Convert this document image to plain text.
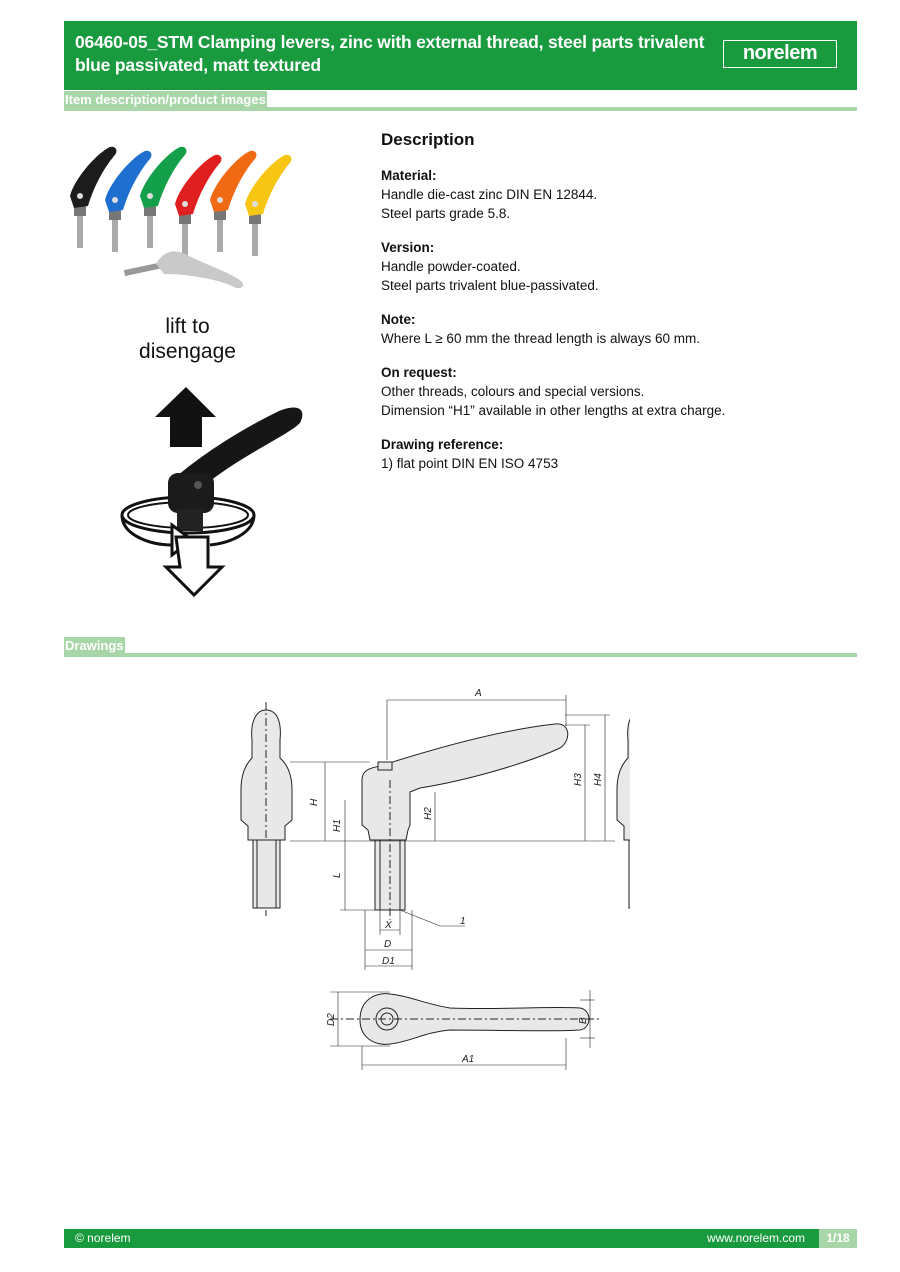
06460-05_STM Clamping levers, zinc with external thread, steel parts trivalent blue passivated, matt textured
norelem
Item description/product images
lift to
disengage
Description
Material:

Handle die-cast zinc DIN EN 12844.

Steel parts grade 5.8.

Version:

Handle powder-coated.

Steel parts trivalent blue-passivated.

Note:

Where L ≥ 60 mm the thread length is always 60 mm.

On request:

Other threads, colours and special versions.

Dimension “H1” available in other lengths at extra charge.

Drawing reference:

1) flat point DIN EN ISO 4753

Drawings
A
H
H1
H2
H3 H4
L
X
D
D1
1
D2	B
A1
© norelem	www.norelem.com	1/18
